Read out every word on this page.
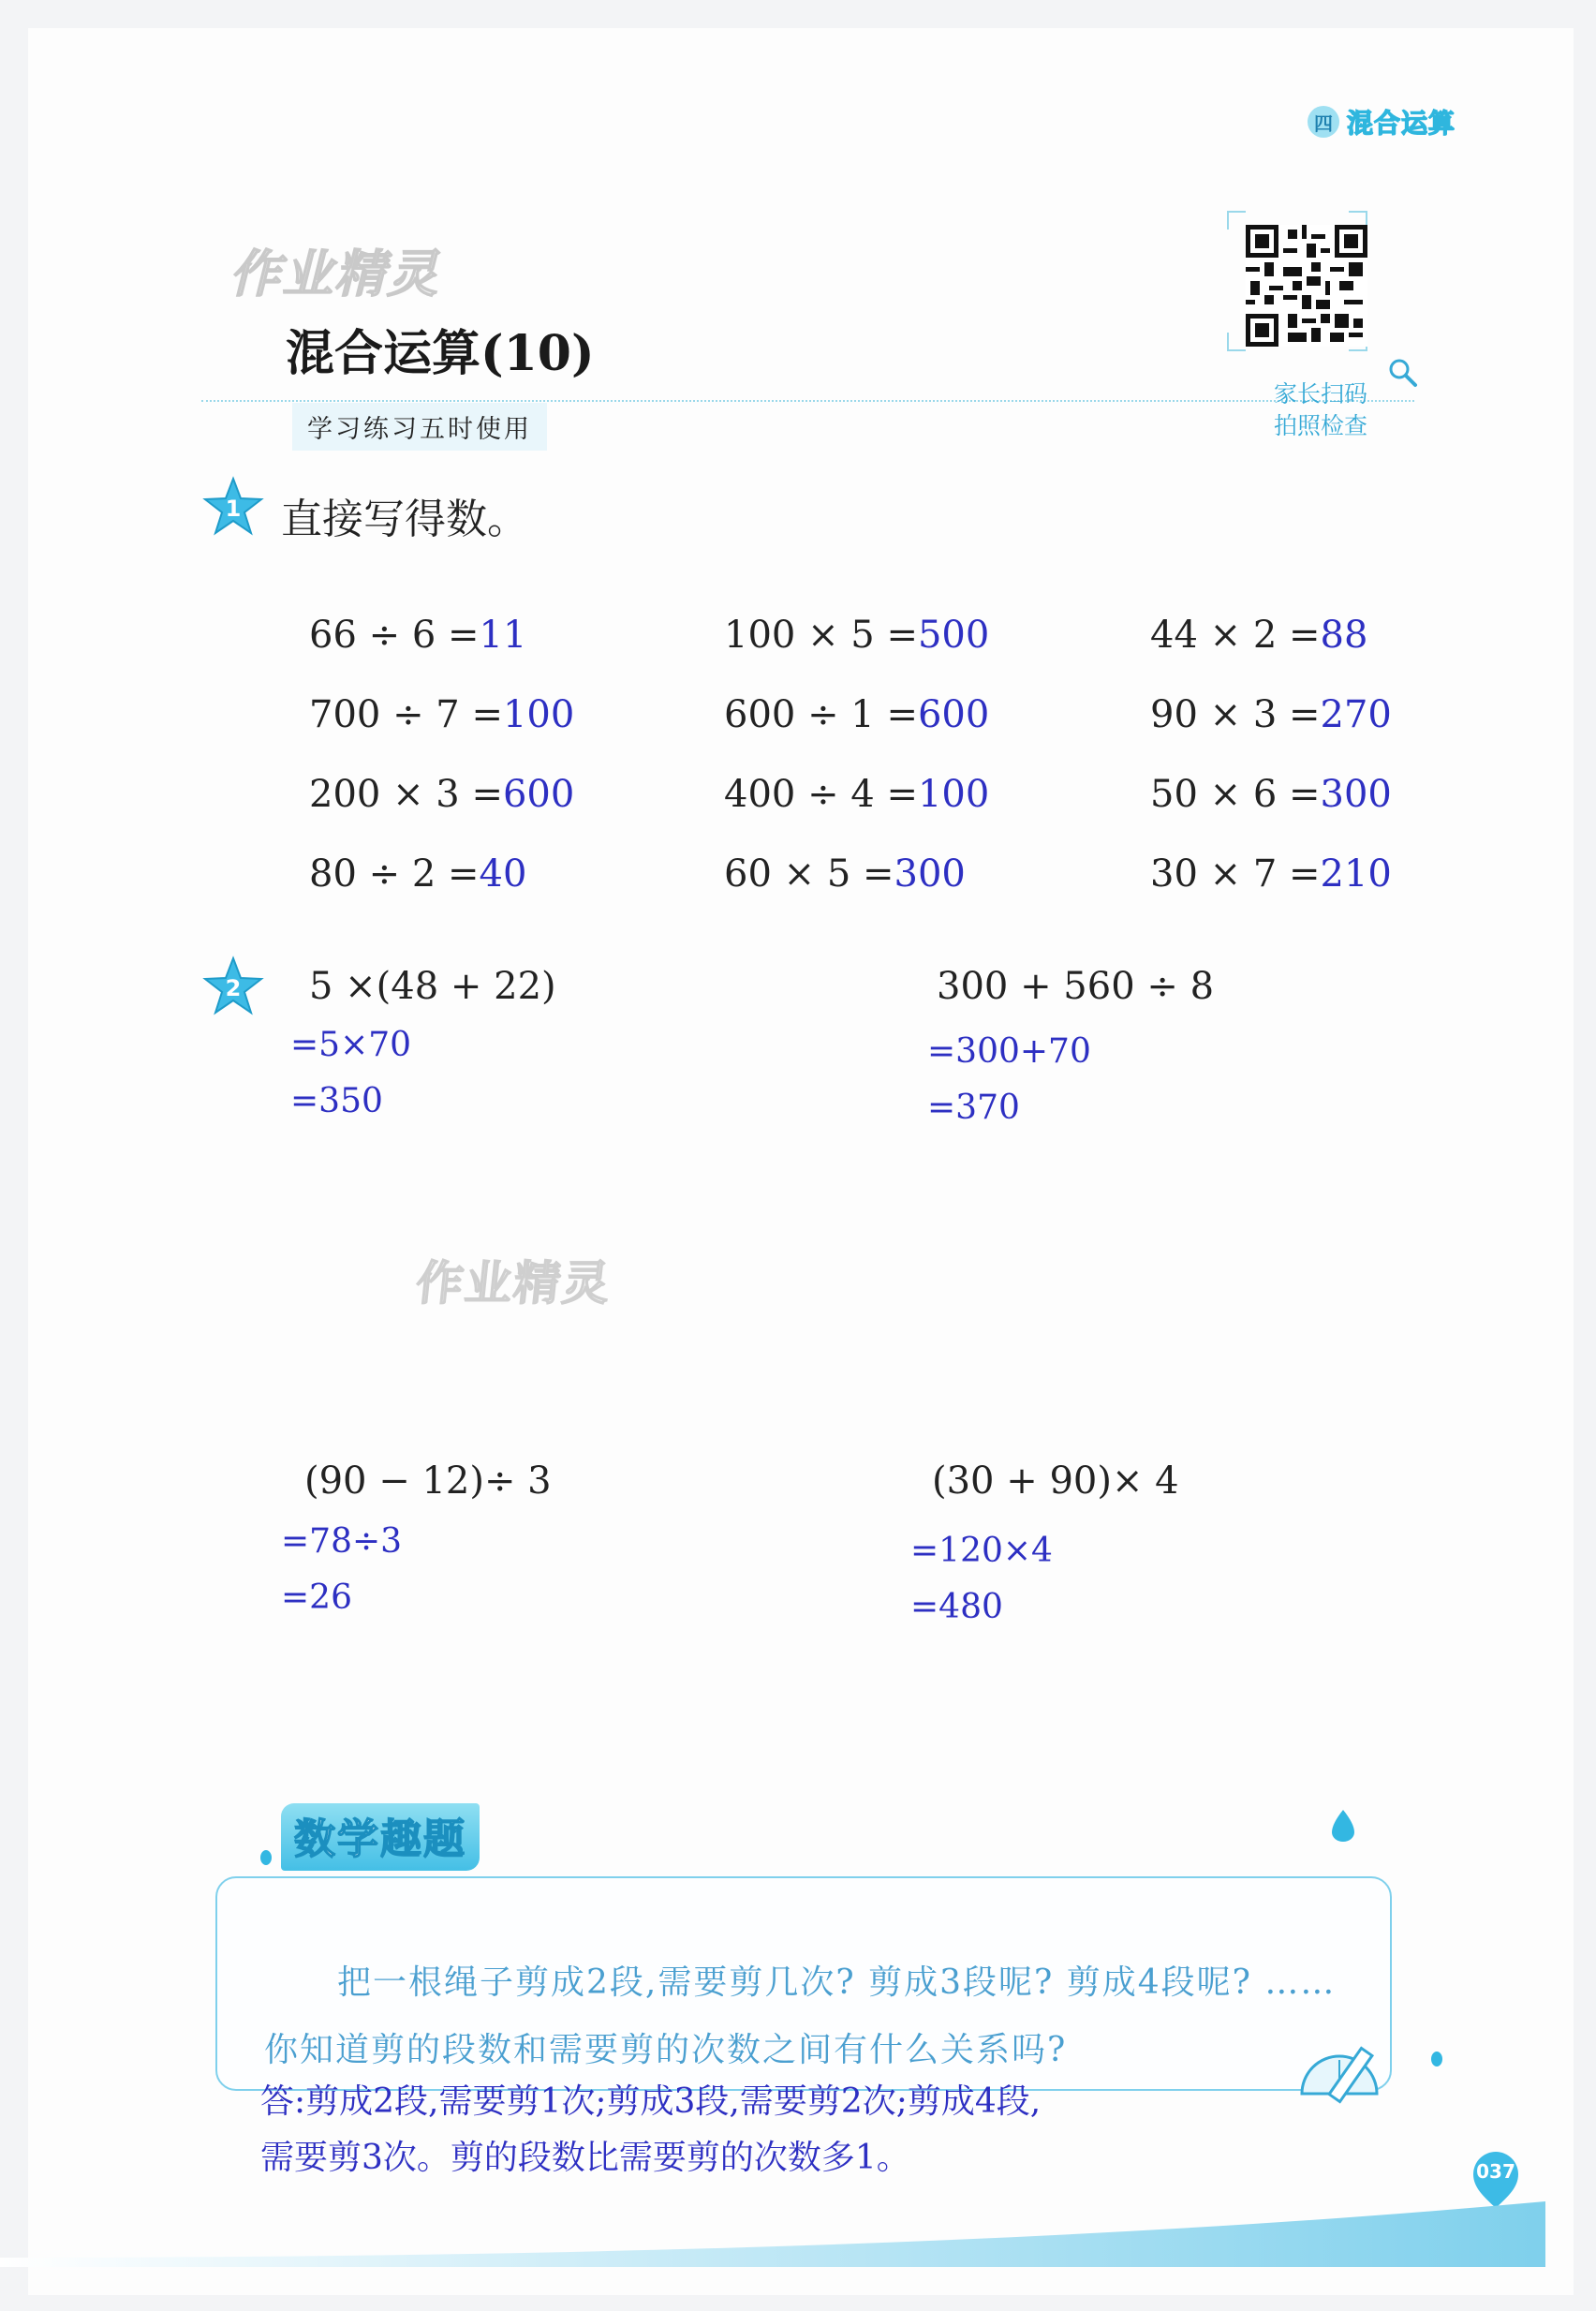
四 混合运算
作业精灵
混合运算(10)
学习练习五时使用
家长扫码
拍照检查
1 直接写得数。
66 ÷ 6 =11	100 × 5 =500	44 × 2 =88
700 ÷ 7 =100	600 ÷ 1 =600	90 × 3 =270
200 × 3 =600	400 ÷ 4 =100	50 × 6 =300
80 ÷ 2 =40	60 × 5 =300	30 × 7 =210
2 5 ×(48 + 22)
=5×70
=350
300 + 560 ÷ 8
=300+70
=370
作业精灵
(90 − 12)÷ 3
=78÷3
=26
(30 + 90)× 4
=120×4
=480
数学趣题
把一根绳子剪成2段,需要剪几次? 剪成3段呢? 剪成4段呢? ……
你知道剪的段数和需要剪的次数之间有什么关系吗?
答:剪成2段,需要剪1次;剪成3段,需要剪2次;剪成4段,
需要剪3次。剪的段数比需要剪的次数多1。	037
